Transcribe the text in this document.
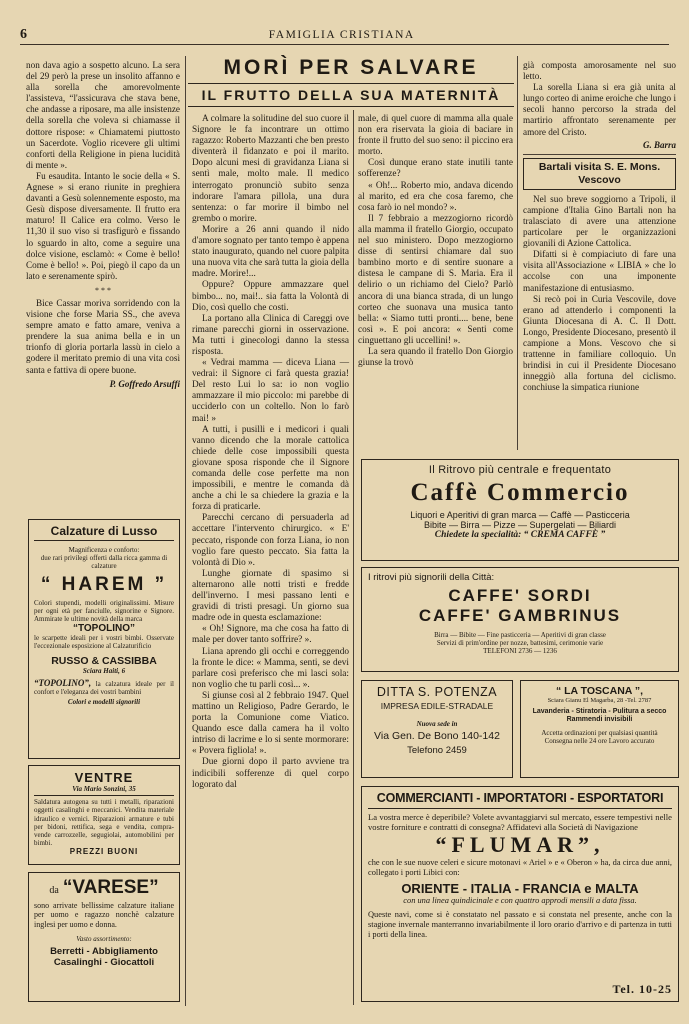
6	FAMIGLIA CRISTIANA

non dava agio a sospetto alcuno. La sera del 29 però la prese un insolito affanno e alla sorella che amorevolmente l'assisteva, “l'assicurava che stava bene, che andasse a riposare, ma alle insistenze della sorella che voleva si chiamasse il dottore rispose: « Chiamatemi piuttosto un Sacerdote. Voglio ricevere gli ultimi conforti della Religione in piena lucidità di mente ».

Fu esaudita. Intanto le socie della « S. Agnese » si erano riunite in preghiera davanti a Gesù solennemente esposto, ma Gesù dispose diversamente. Il frutto era maturo! Il Calice era colmo. Verso le 11,30 il suo viso si trasfigurò e fissando lo sguardo in alto, come a seguire una dolce visione, esclamò: « Come è bello! Come è bello! ». Poi, piegò il capo da un lato e serenamente spirò.

* * *

Bice Cassar moriva sorridendo con la visione che forse Maria SS., che aveva sempre amato e fatto amare, veniva a prendere la sua anima bella e in un trionfo di gloria portarla lassù in cielo a godere il meritato premio di una vita così santa e fattiva di opere buone.

P. Goffredo Arsuffi
Calzature di Lusso
Magnificenza e conforto:
due rari privilegi offerti dalla ricca gamma di calzature
“ HAREM ”
Colori stupendi, modelli originalissimi. Misure per ogni età per fanciulle, signorine e Signore. Ammirate le ultime novità della marca
“TOPOLINO”
le scarpette ideali per i vostri bimbi. Osservate l'eccezionale esposizione al Calzaturificio
RUSSO & CASSIBBA
Sciara Haiti, 6
“TOPOLINO”, la calzatura ideale per il confort e l'eleganza dei vostri bambini
Colori e modelli signorili
VENTRE
Via Mario Sonzini, 35
Saldatura autogena su tutti i metalli, riparazioni oggetti casalinghi e meccanici. Vendita materiale idraulico e vernici. Riparazioni armature e tubi per bidoni, rettifica, sega e vendita, compra-vende carrozzelle, segugiolai, automobilini per bimbi.
PREZZI BUONI
da “VARESE”
sono arrivate bellissime calzature italiane per uomo e ragazzo nonchè calzature inglesi per uomo e donna.
Vasto assortimento:
Berretti - Abbigliamento
Casalinghi - Giocattoli
MORÌ PER SALVARE
IL FRUTTO DELLA SUA MATERNITÀ

A colmare la solitudine del suo cuore il Signore le fa incontrare un ottimo ragazzo: Roberto Mazzanti che ben presto diventerà il fidanzato e poi il marito. Dopo alcuni mesi di gravidanza Liana si sentì male, molto male. Il medico interrogato pronunciò subito senza indorare l'amara pillola, una dura sentenza: o far morire il bimbo nel grembo o morire.

Morire a 26 anni quando il nido d'amore sognato per tanto tempo è appena stato inaugurato, quando nel cuore palpita una nuova vita che sarà tutta la gioia della madre. Morire!...

Oppure? Oppure ammazzare quel bimbo... no, mai!.. sia fatta la Volontà di Dio, così quello che costi.

La portano alla Clinica di Careggi ove rimane parecchi giorni in osservazione. Ma tutti i ginecologi danno la stessa risposta.

« Vedrai mamma — diceva Liana — vedrai: il Signore ci farà questa grazia! Del resto Lui lo sa: io non voglio ammazzare il mio piccolo: mi parebbe di ucciderlo con un coltello. Non lo farò mai! »

A tutti, i pusilli e i medicori i quali vanno dicendo che la morale cattolica chiede delle cose impossibili questa giovane sposa risponde che il Signore comanda delle cose perfette ma non impossibili, e mentre le comanda dà anche a chi le sa chiedere la grazia e la forza di praticarle.

Parecchi cercano di persuaderla ad accettare l'intervento chirurgico. « E' peccato, risponde con forza Liana, io non voglio fare questo peccato. Sia fatta la volontà di Dio ».

Lunghe giornate di spasimo si alternarono alle notti tristi e fredde dell'inverno. I mesi passano lenti e gravidi di tristi presagi. Un giorno sua madre ode in questa esclamazione:

« Oh! Signore, ma che cosa ha fatto di male per dover tanto soffrire? ».

Liana aprendo gli occhi e correggendo la fronte le dice: « Mamma, senti, se devi parlare così preferisco che mi lasci sola: non voglio che tu parli così... ».

Si giunse così al 2 febbraio 1947. Quel mattino un Religioso, Padre Gerardo, le porta la Comunione come Viatico. Quando esce dalla camera ha il volto intriso di lacrime e lo si sente mormorare: « Povera figliola! ».

Due giorni dopo il parto avviene tra indicibili sofferenze di quel corpo logorato dal

male, di quel cuore di mamma alla quale non era riservata la gioia di baciare in fronte il frutto del suo seno: il piccino era morto.

Così dunque erano state inutili tante sofferenze?

« Oh!... Roberto mio, andava dicendo al marito, ed era che cosa faremo, che cosa farò io nel mondo? ».

Il 7 febbraio a mezzogiorno ricordò alla mamma il fratello Giorgio, occupato nel suo ministero. Dopo mezzogiorno disse di sentirsi chiamare dal suo bambino morto e di sentire suonare a distesa le campane di S. Maria. Era il delirio o un richiamo del Cielo? Parlò ancora di una bianca strada, di un lungo corteo che suonava una musica tanto bella: « Siamo tutti pronti.... bene, bene così ». E poi ancora: « Senti come cinguettano gli uccellini! ».

La sera quando il fratello Don Giorgio giunse la trovò

già composta amorosamente nel suo letto.

La sorella Liana si era già unita al lungo corteo di anime eroiche che lungo i secoli hanno percorso la strada del martirio affrontato serenamente per amore del Cristo.

G. Barra
Bartali visita S. E. Mons. Vescovo

Nel suo breve soggiorno a Tripoli, il campione d'Italia Gino Bartali non ha tralasciato di avere una attenzione particolare per le organizzazioni giovanili di Azione Cattolica.

Difatti si è compiaciuto di fare una visita all'Associazione « LIBIA » che lo accolse con una imponente manifestazione di entusiasmo.

Si recò poi in Curia Vescovile, dove erano ad attenderlo i componenti la Giunta Diocesana di A. C. Il Dott. Longo, Presidente Diocesano, presentò il campione a Mons. Vescovo che si trattenne in familiare colloquio. Un brindisi in cui il Presidente Diocesano inneggiò alla fortuna del ciclismo. conchiuse la simpatica riunione

Il Ritrovo più centrale e frequentato
Caffè Commercio
Liquori e Aperitivi di gran marca — Caffè — Pasticceria
Bibite — Birra — Pizze — Supergelati — Biliardi
Chiedete la specialità: “ CREMA CAFFÈ ”
I ritrovi più signorili della Città:
CAFFE' SORDI
CAFFE' GAMBRINUS
Birra — Bibite — Fine pasticceria — Aperitivi di gran classe
Servizi di prim'ordine per nozze, battesimi, cerimonie varie
TELEFONI 2736 — 1236
DITTA S. POTENZA
IMPRESA EDILE-STRADALE
Nuova sede in
Via Gen. De Bono 140-142
Telefono 2459
“ LA TOSCANA ”,
Sciara Gianu El Magarba, 28 -Tel. 2787
Lavanderia - Stiratoria - Pulitura a secco
Rammendi invisibili
Accetta ordinazioni per qualsiasi quantità Consegna nelle 24 ore Lavoro accurato
COMMERCIANTI - IMPORTATORI - ESPORTATORI
La vostra merce è deperibile? Volete avvantaggiarvi sul mercato, essere tempestivi nelle vostre forniture e contratti di consegna? Affidatevi alla Società di Navigazione
“FLUMAR”,
che con le sue nuove celeri e sicure motonavi « Ariel » e « Oberon » ha, da circa due anni, collegato i porti Libici con:
ORIENTE - ITALIA - FRANCIA e MALTA
con una linea quindicinale e con quattro approdi mensili a data fissa.
Queste navi, come si è constatato nel passato e si constata nel presente, anche con la stagione invernale manterranno invariabilmente il loro orario d'arrivo e di partenza in tutti i porti della linea.
Tel. 10-25
